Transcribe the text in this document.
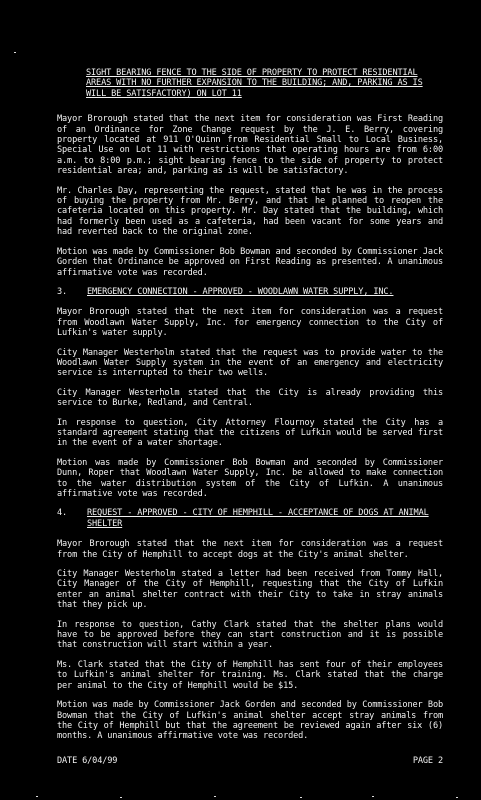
SIGHT BEARING FENCE TO THE SIDE OF PROPERTY TO PROTECT RESIDENTIAL AREAS WITH NO FURTHER EXPANSION TO THE BUILDING; AND, PARKING AS IS WILL BE SATISFACTORY) ON LOT 11

Mayor Brorough stated that the next item for consideration was First Reading of an Ordinance for Zone Change request by the J. E. Berry, covering property located at 911 O'Quinn from Residential Small to Local Business, Special Use on Lot 11 with restrictions that operating hours are from 6:00 a.m. to 8:00 p.m.; sight bearing fence to the side of property to protect residential area; and, parking as is will be satisfactory.

Mr. Charles Day, representing the request, stated that he was in the process of buying the property from Mr. Berry, and that he planned to reopen the cafeteria located on this property. Mr. Day stated that the building, which had formerly been used as a cafeteria, had been vacant for some years and had reverted back to the original zone.

Motion was made by Commissioner Bob Bowman and seconded by Commissioner Jack Gorden that Ordinance be approved on First Reading as presented. A unanimous affirmative vote was recorded.

3.	EMERGENCY CONNECTION - APPROVED - WOODLAWN WATER SUPPLY, INC.

Mayor Brorough stated that the next item for consideration was a request from Woodlawn Water Supply, Inc. for emergency connection to the City of Lufkin's water supply.

City Manager Westerholm stated that the request was to provide water to the Woodlawn Water Supply system in the event of an emergency and electricity service is interrupted to their two wells.

City Manager Westerholm stated that the City is already providing this service to Burke, Redland, and Central.

In response to question, City Attorney Flournoy stated the City has a standard agreement stating that the citizens of Lufkin would be served first in the event of a water shortage.

Motion was made by Commissioner Bob Bowman and seconded by Commissioner Dunn, Roper that Woodlawn Water Supply, Inc. be allowed to make connection to the water distribution system of the City of Lufkin. A unanimous affirmative vote was recorded.

4.	REQUEST - APPROVED - CITY OF HEMPHILL - ACCEPTANCE OF DOGS AT ANIMAL SHELTER

Mayor Brorough stated that the next item for consideration was a request from the City of Hemphill to accept dogs at the City's animal shelter.

City Manager Westerholm stated a letter had been received from Tommy Hall, City Manager of the City of Hemphill, requesting that the City of Lufkin enter an animal shelter contract with their City to take in stray animals that they pick up.

In response to question, Cathy Clark stated that the shelter plans would have to be approved before they can start construction and it is possible that construction will start within a year.

Ms. Clark stated that the City of Hemphill has sent four of their employees to Lufkin's animal shelter for training. Ms. Clark stated that the charge per animal to the City of Hemphill would be $15.

Motion was made by Commissioner Jack Gorden and seconded by Commissioner Bob Bowman that the City of Lufkin's animal shelter accept stray animals from the City of Hemphill but that the agreement be reviewed again after six (6) months. A unanimous affirmative vote was recorded.

DATE 6/04/99	PAGE 2
